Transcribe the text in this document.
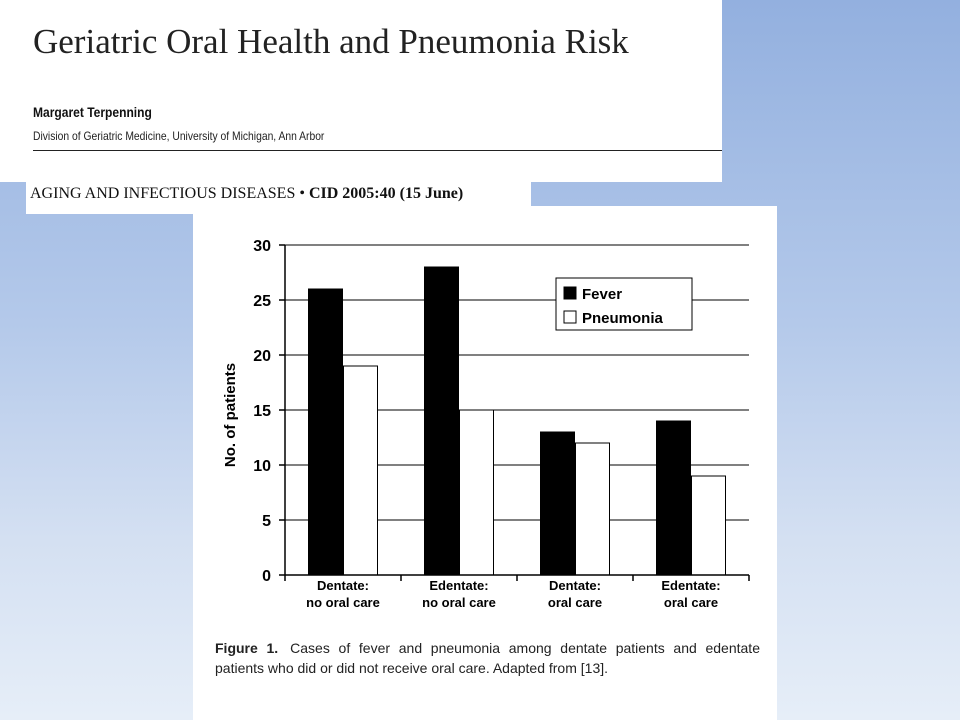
Geriatric Oral Health and Pneumonia Risk
Margaret Terpenning
Division of Geriatric Medicine, University of Michigan, Ann Arbor
AGING AND INFECTIOUS DISEASES • CID 2005:40 (15 June)
0
5
10
15
20
25
30
Dentate:
no oral care
Edentate:
no oral care
Dentate:
oral care
Edentate:
oral care
No. of patients
Fever
Pneumonia
Figure 1. Cases of fever and pneumonia among dentate patients and edentate patients who did or did not receive oral care. Adapted from [13].
